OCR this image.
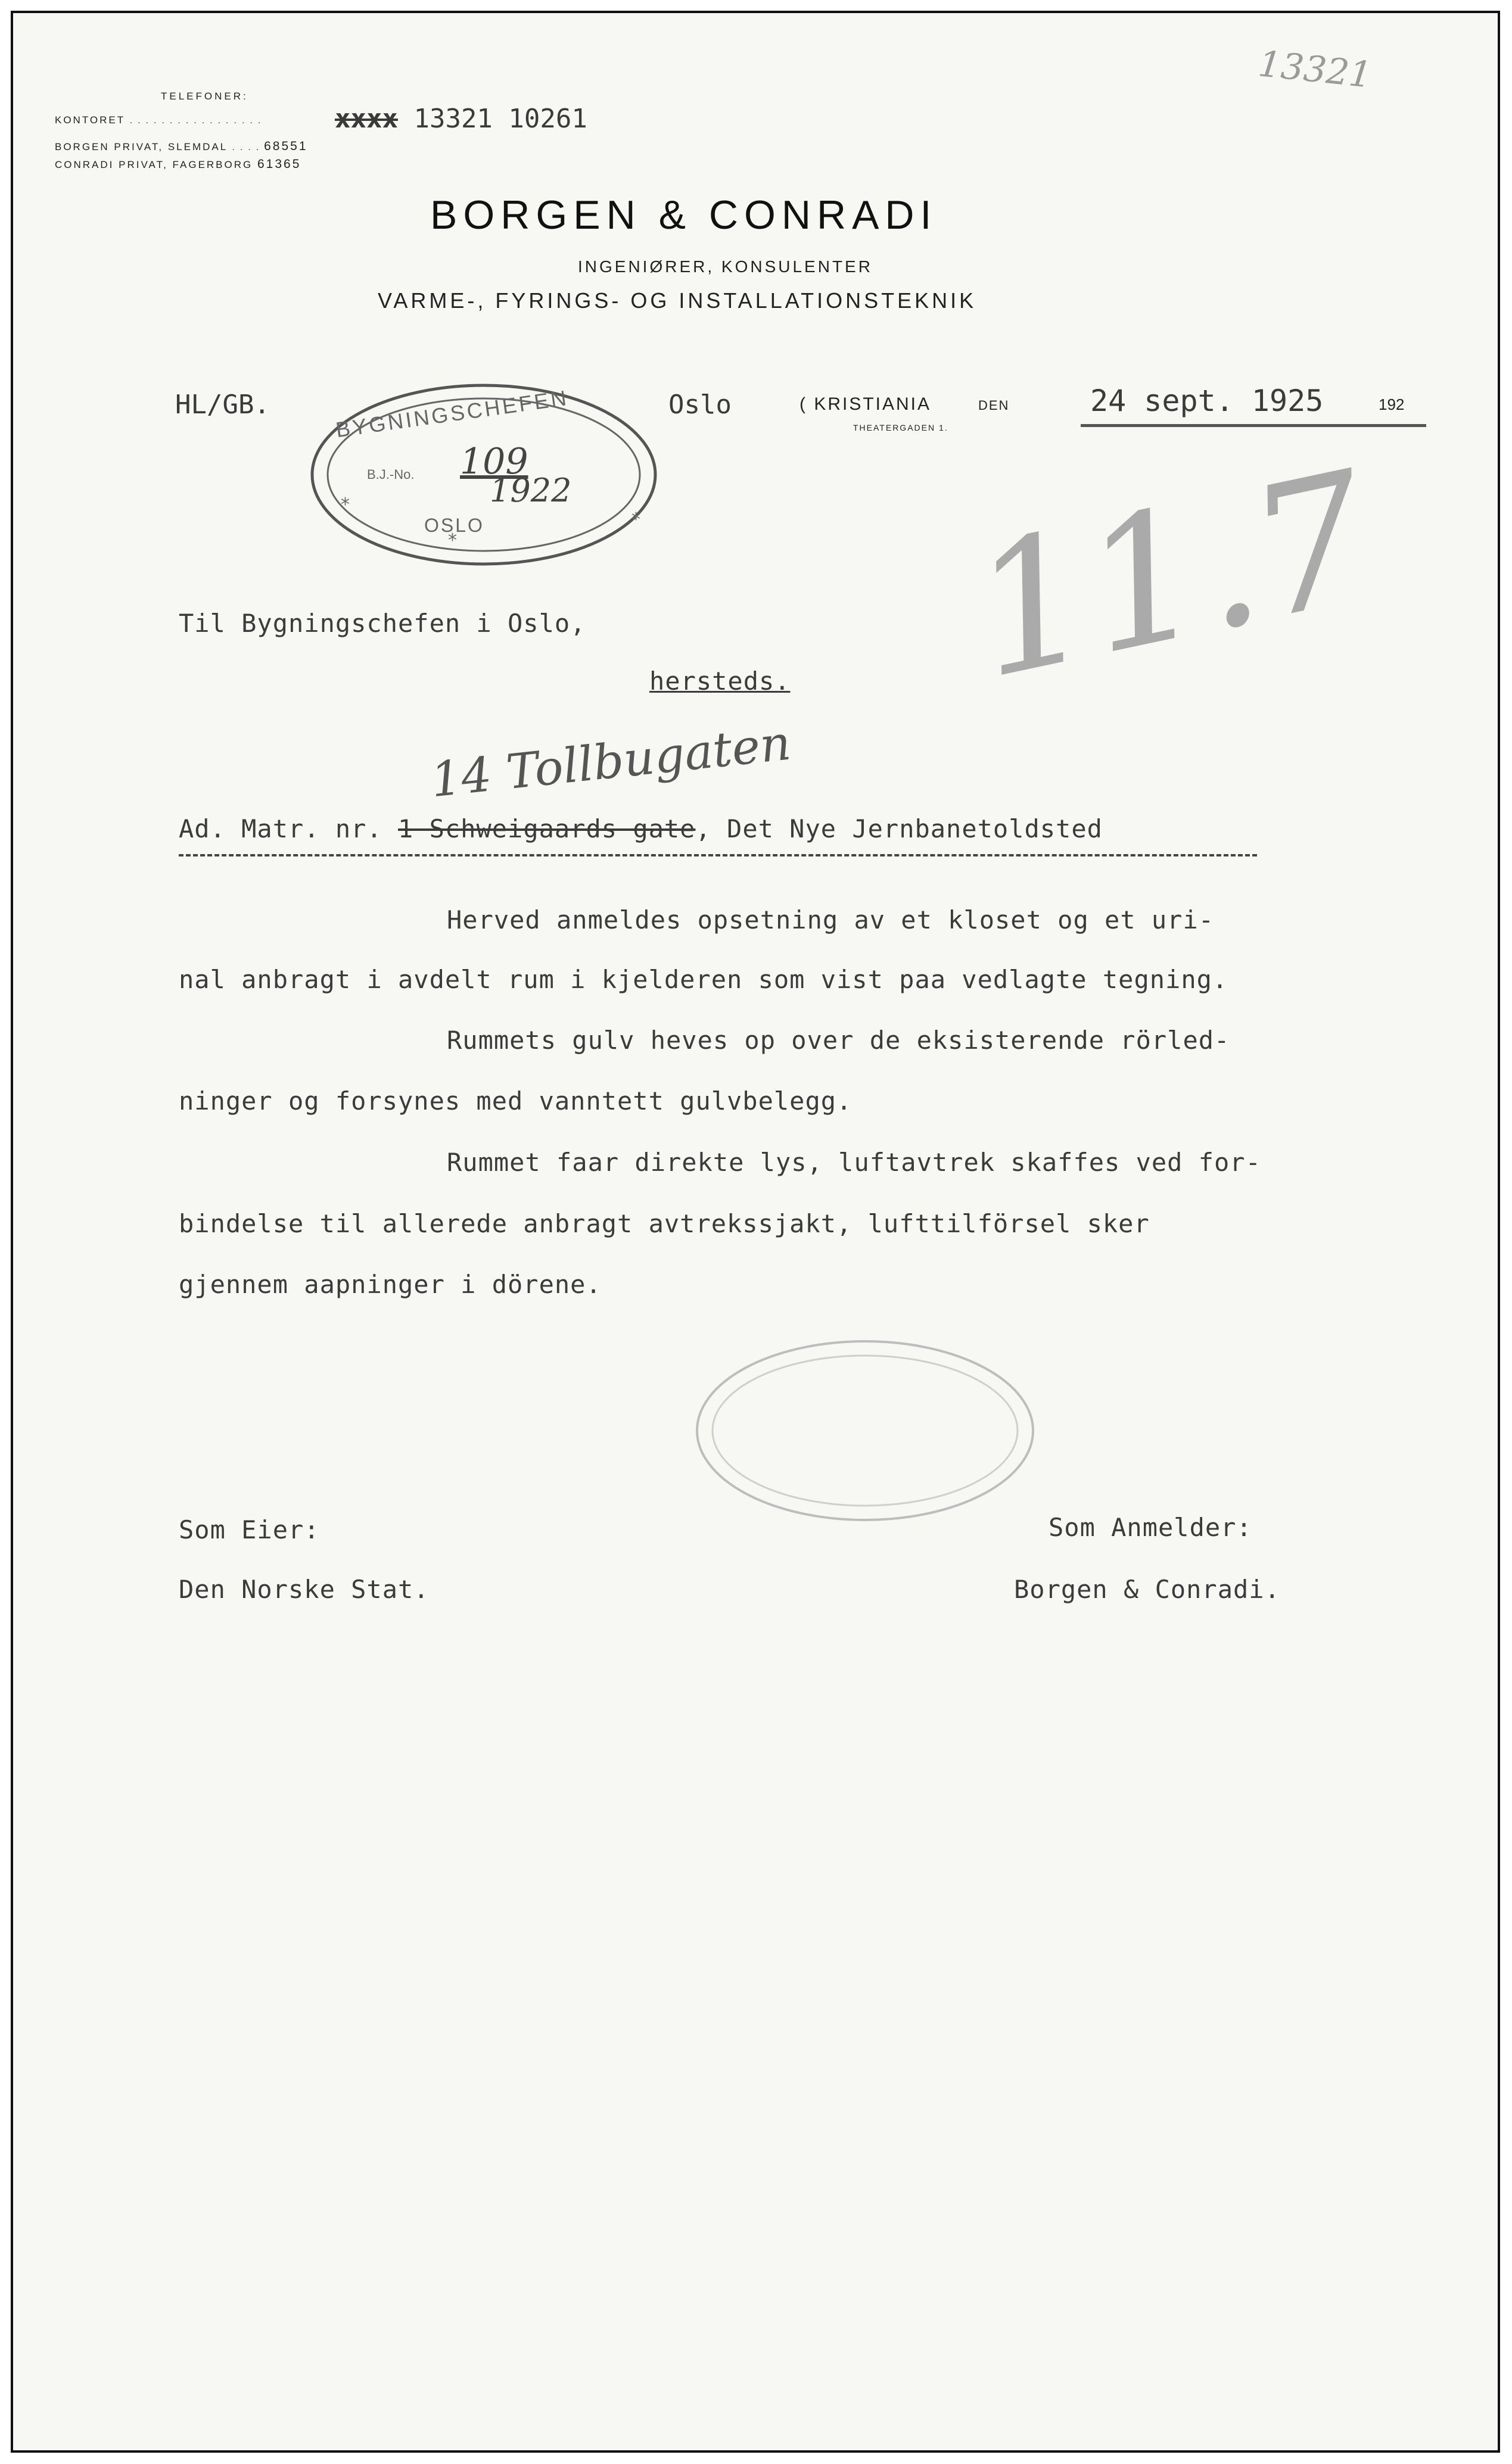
13321
TELEFONER:
KONTORET . . . . . . . . . . . . . . . . .	xxxx 13321 10261
BORGEN PRIVAT, SLEMDAL . . . . 68551
CONRADI PRIVAT, FAGERBORG 61365
BORGEN & CONRADI
INGENIØRER, KONSULENTER
VARME-, FYRINGS- OG INSTALLATIONSTEKNIK
HL/GB.
*
*
*
BYGNINGSCHEFEN
B.J.-No. 109
1922
OSLO
Oslo	( KRISTIANIA	DEN
THEATERGADEN 1.
24 sept. 1925	192
11.7
Til Bygningschefen i Oslo,
hersteds.
14 Tollbugaten
Ad. Matr. nr. 1 Schweigaards gate, Det Nye Jernbanetoldsted
Herved anmeldes opsetning av et kloset og et uri-
nal anbragt i avdelt rum i kjelderen som vist paa vedlagte tegning.
Rummets gulv heves op over de eksisterende rörled-
ninger og forsynes med vanntett gulvbelegg.
Rummet faar direkte lys, luftavtrek skaffes ved for-
bindelse til allerede anbragt avtrekssjakt, lufttilförsel sker
gjennem aapninger i dörene.
Som Eier:
Den Norske Stat.
Som Anmelder:
Borgen & Conradi.
